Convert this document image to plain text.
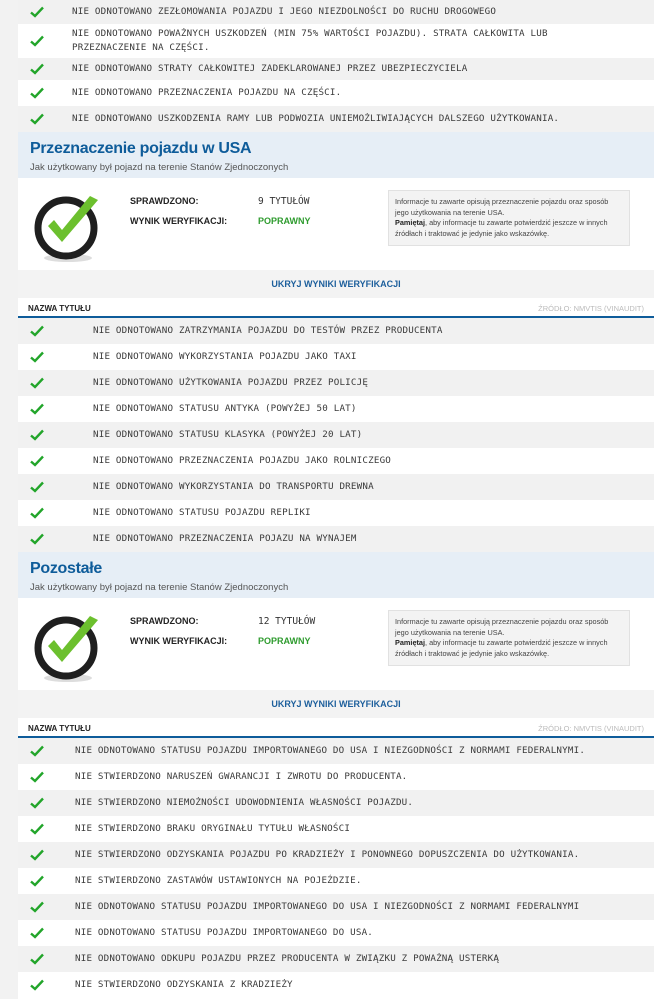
NIE ODNOTOWANO ZEZŁOMOWANIA POJAZDU I JEGO NIEZDOLNOŚCI DO RUCHU DROGOWEGO
NIE ODNOTOWANO POWAŻNYCH USZKODZEŃ (MIN 75% WARTOŚCI POJAZDU). STRATA CAŁKOWITA LUB
PRZEZNACZENIE NA CZĘŚCI.
NIE ODNOTOWANO STRATY CAŁKOWITEJ ZADEKLAROWANEJ PRZEZ UBEZPIECZYCIELA
NIE ODNOTOWANO PRZEZNACZENIA POJAZDU NA CZĘŚCI.
NIE ODNOTOWANO USZKODZENIA RAMY LUB PODWOZIA UNIEMOŻLIWIAJĄCYCH DALSZEGO UŻYTKOWANIA.
Przeznaczenie pojazdu w USA

Jak użytkowany był pojazd na terenie Stanów Zjednoczonych

SPRAWDZONO:	9 TYTUŁÓW
WYNIK WERYFIKACJI:	POPRAWNY
Informacje tu zawarte opisują przeznaczenie pojazdu oraz sposób jego użytkowania na terenie USA.
Pamiętaj, aby informacje tu zawarte potwierdzić jeszcze w innych źródłach i traktować je jedynie jako wskazówkę.
UKRYJ WYNIKI WERYFIKACJI
NAZWA TYTUŁU	ŹRÓDŁO: NMVTIS (VINAUDIT)
NIE ODNOTOWANO ZATRZYMANIA POJAZDU DO TESTÓW PRZEZ PRODUCENTA
NIE ODNOTOWANO WYKORZYSTANIA POJAZDU JAKO TAXI
NIE ODNOTOWANO UŻYTKOWANIA POJAZDU PRZEZ POLICJĘ
NIE ODNOTOWANO STATUSU ANTYKA (POWYŻEJ 50 LAT)
NIE ODNOTOWANO STATUSU KLASYKA (POWYŻEJ 20 LAT)
NIE ODNOTOWANO PRZEZNACZENIA POJAZDU JAKO ROLNICZEGO
NIE ODNOTOWANO WYKORZYSTANIA DO TRANSPORTU DREWNA
NIE ODNOTOWANO STATUSU POJAZDU REPLIKI
NIE ODNOTOWANO PRZEZNACZENIA POJAZU NA WYNAJEM
Pozostałe

Jak użytkowany był pojazd na terenie Stanów Zjednoczonych

SPRAWDZONO:	12 TYTUŁÓW
WYNIK WERYFIKACJI:	POPRAWNY
Informacje tu zawarte opisują przeznaczenie pojazdu oraz sposób jego użytkowania na terenie USA.
Pamiętaj, aby informacje tu zawarte potwierdzić jeszcze w innych źródłach i traktować je jedynie jako wskazówkę.
UKRYJ WYNIKI WERYFIKACJI
NAZWA TYTUŁU	ŹRÓDŁO: NMVTIS (VINAUDIT)
NIE ODNOTOWANO STATUSU POJAZDU IMPORTOWANEGO DO USA I NIEZGODNOŚCI Z NORMAMI FEDERALNYMI.
NIE STWIERDZONO NARUSZEŃ GWARANCJI I ZWROTU DO PRODUCENTA.
NIE STWIERDZONO NIEMOŻNOŚCI UDOWODNIENIA WŁASNOŚCI POJAZDU.
NIE STWIERDZONO BRAKU ORYGINAŁU TYTUŁU WŁASNOŚCI
NIE STWIERDZONO ODZYSKANIA POJAZDU PO KRADZIEŻY I PONOWNEGO DOPUSZCZENIA DO UŻYTKOWANIA.
NIE STWIERDZONO ZASTAWÓW USTAWIONYCH NA POJEŹDZIE.
NIE ODNOTOWANO STATUSU POJAZDU IMPORTOWANEGO DO USA I NIEZGODNOŚCI Z NORMAMI FEDERALNYMI
NIE ODNOTOWANO STATUSU POJAZDU IMPORTOWANEGO DO USA.
NIE ODNOTOWANO ODKUPU POJAZDU PRZEZ PRODUCENTA W ZWIĄZKU Z POWAŻNĄ USTERKĄ
NIE STWIERDZONO ODZYSKANIA Z KRADZIEŻY
